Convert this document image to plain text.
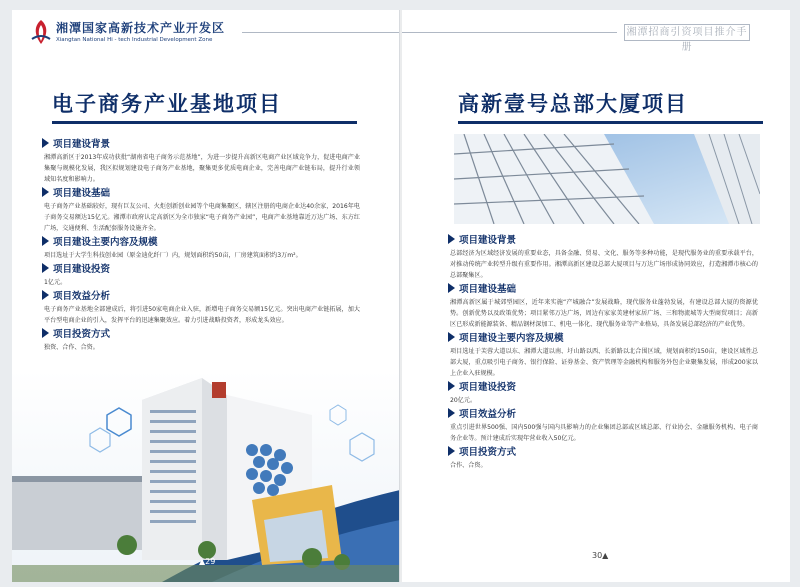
湘潭国家高新技术产业开发区
Xiangtan National Hi - tech Industrial Development Zone
电子商务产业基地项目
项目建设背景
湘潭高新区于2013年成功获批“湖南省电子商务示范基地”，为进一步提升高新区电商产业区域竞争力，促进电商产业集聚与规模化发展，我区拟规划建设电子商务产业基地，聚集更多优质电商企业，完善电商产业链布局，提升行业领域知名度和影响力。
项目建设基础
电子商务产业基础较好，现有巨友公司、火炬创新创业园等个电商集聚区，辖区注册的电商企业达40余家，2016年电子商务交易额达15亿元。湘潭市政府认定高新区为全市独家“电子商务产业园”，电商产业基地靠近万达广场、东方红广场，交通便利、生活配套服务设施齐全。
项目建设主要内容及规模
项目选址于大学生科技创业园（原金迪化纤厂）内，规划面积约50亩，厂房建筑面积约3万m²。
项目建设投资
1亿元。
项目效益分析
电子商务产业基地全部建成后，将引进50家电商企业入驻，新增电子商务交易额15亿元。突出电商产业链拓展，加大平台型电商企业的引入，发挥平台的迅速集聚效应。着力引进战略投资者，形成龙头效应。
项目投资方式
独资、合作、合资。
▲29
湘潭招商引资项目推介手册
高新壹号总部大厦项目
项目建设背景
总部经济为区域经济发展的重要业态，具备金融、贸易、文化、服务等多种功能，是现代服务业的重要承载平台，对推动传统产业转型升级有重要作用。湘潭高新区建设总部大厦项目与万达广场形成协同效应，打造湘潭市核心的总部聚集区。
项目建设基础
湘潭高新区属于城郊型园区，近年来实施“产城融合”发展战略，现代服务业蓬勃发展，有建设总部大厦的资源优势。创新优势以及政策优势；项目紧邻万达广场，周边有家家美建材家居广场、三和物流城等大型商贸项目；高新区已形成新能源装备、精品钢材深加工、机电一体化、现代服务业等产业格局，具备发展总部经济的产业优势。
项目建设主要内容及规模
项目选址于芙蓉大道以东、湘潭大道以南、圩山路以西、长新路以北合围区域，规划面积约150亩，建设区域性总部大厦，重点吸引电子商务、银行保险、证券基金、资产管理等金融机构和服务外包企业聚集发展，形成200家以上企业入驻规模。
项目建设投资
20亿元。
项目效益分析
重点引进世界500强、国内500强与国内具影响力的企业集团总部或区域总部、行业协会、金融服务机构、电子商务企业等。预计建成后实现年营业收入50亿元。
项目投资方式
合作、合资。
30▲
